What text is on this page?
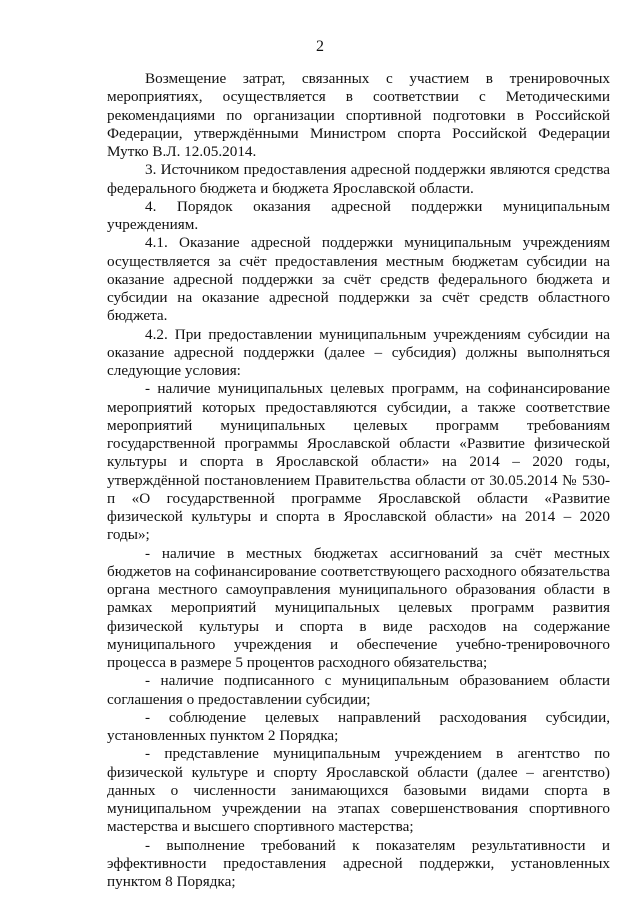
2

Возмещение затрат, связанных с участием в тренировочных мероприятиях, осуществляется в соответствии с Методическими рекомендациями по организации спортивной подготовки в Российской Федерации, утверждёнными Министром спорта Российской Федерации Мутко В.Л. 12.05.2014.

3. Источником предоставления адресной поддержки являются средства федерального бюджета и бюджета Ярославской области.

4. Порядок оказания адресной поддержки муниципальным учреждениям.

4.1. Оказание адресной поддержки муниципальным учреждениям осуществляется за счёт предоставления местным бюджетам субсидии на оказание адресной поддержки за счёт средств федерального бюджета и субсидии на оказание адресной поддержки за счёт средств областного бюджета.

4.2. При предоставлении муниципальным учреждениям субсидии на оказание адресной поддержки (далее – субсидия) должны выполняться следующие условия:

- наличие муниципальных целевых программ, на софинансирование мероприятий которых предоставляются субсидии, а также соответствие мероприятий муниципальных целевых программ требованиям государственной программы Ярославской области «Развитие физической культуры и спорта в Ярославской области» на 2014 – 2020 годы, утверждённой постановлением Правительства области от 30.05.2014 № 530-п «О государственной программе Ярославской области «Развитие физической культуры и спорта в Ярославской области» на 2014 – 2020 годы»;

- наличие в местных бюджетах ассигнований за счёт местных бюджетов на софинансирование соответствующего расходного обязательства органа местного самоуправления муниципального образования области в рамках мероприятий муниципальных целевых программ развития физической культуры и спорта в виде расходов на содержание муниципального учреждения и обеспечение учебно-тренировочного процесса в размере 5 процентов расходного обязательства;

- наличие подписанного с муниципальным образованием области соглашения о предоставлении субсидии;

- соблюдение целевых направлений расходования субсидии, установленных пунктом 2 Порядка;

- представление муниципальным учреждением в агентство по физической культуре и спорту Ярославской области (далее – агентство) данных о численности занимающихся базовыми видами спорта в муниципальном учреждении на этапах совершенствования спортивного мастерства и высшего спортивного мастерства;

- выполнение требований к показателям результативности и эффективности предоставления адресной поддержки, установленных пунктом 8 Порядка;
